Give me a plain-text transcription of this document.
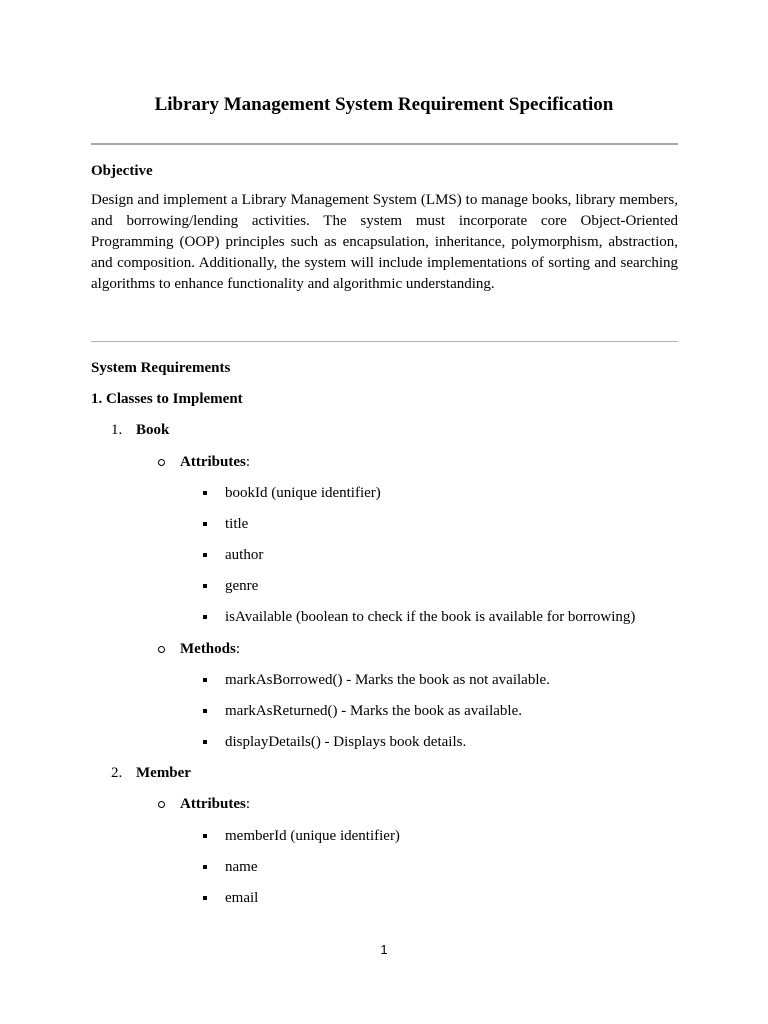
Library Management System Requirement Specification
Objective

Design and implement a Library Management System (LMS) to manage books, library members, and borrowing/lending activities. The system must incorporate core Object-Oriented Programming (OOP) principles such as encapsulation, inheritance, polymorphism, abstraction, and composition. Additionally, the system will include implementations of sorting and searching algorithms to enhance functionality and algorithmic understanding.

System Requirements
1. Classes to Implement
1. Book
Attributes:
bookId (unique identifier)
title
author
genre
isAvailable (boolean to check if the book is available for borrowing)
Methods:
markAsBorrowed() - Marks the book as not available.
markAsReturned() - Marks the book as available.
displayDetails() - Displays book details.
2. Member
Attributes:
memberId (unique identifier)
name
email
1
